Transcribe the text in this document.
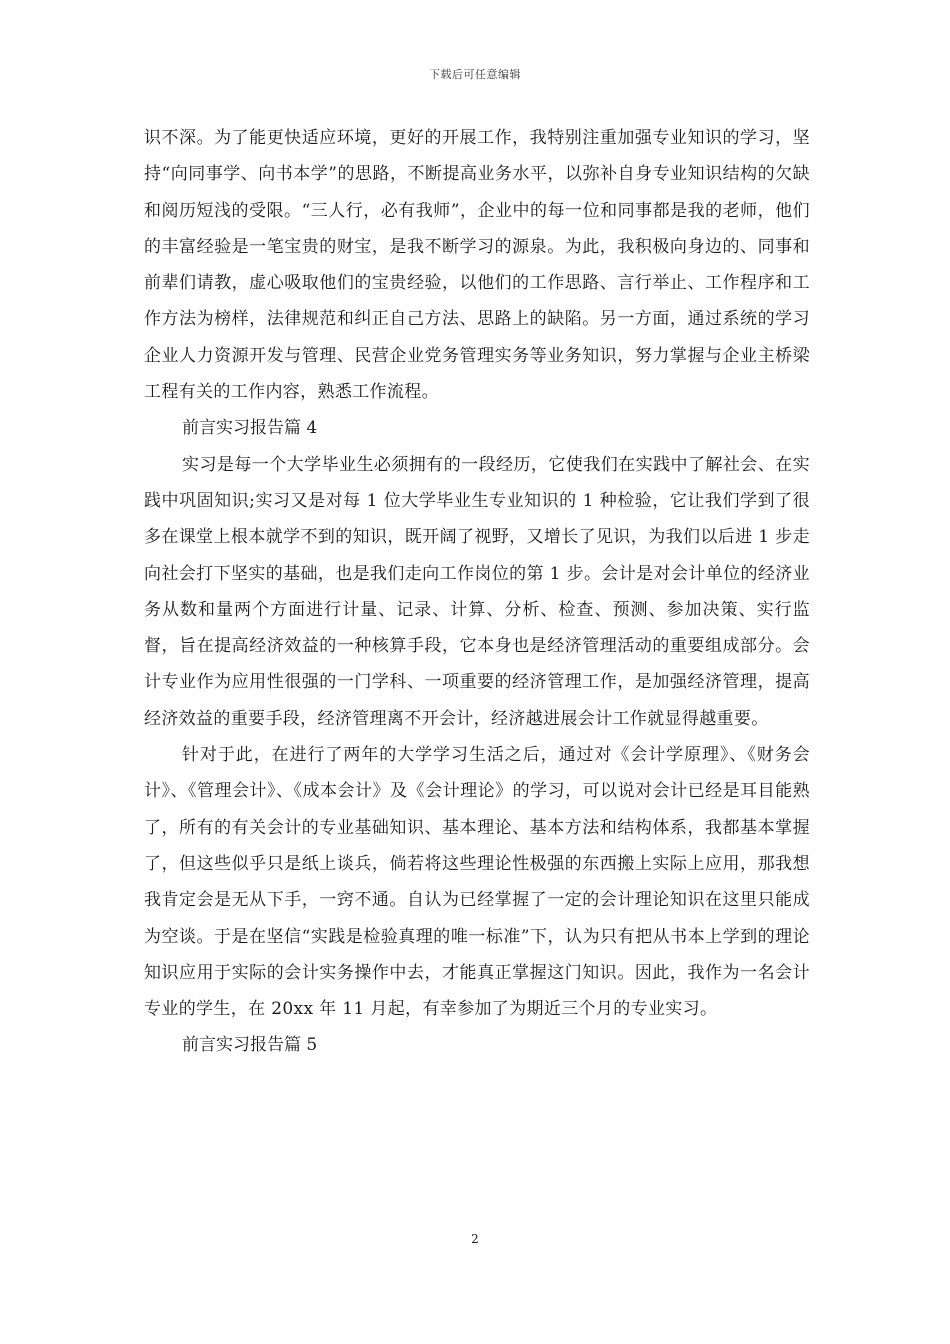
下载后可任意编辑

识不深。为了能更快适应环境，更好的开展工作，我特别注重加强专业知识的学习，坚持“向同事学、向书本学”的思路，不断提高业务水平，以弥补自身专业知识结构的欠缺和阅历短浅的受限。“三人行，必有我师”，企业中的每一位和同事都是我的老师，他们的丰富经验是一笔宝贵的财宝，是我不断学习的源泉。为此，我积极向身边的、同事和前辈们请教，虚心吸取他们的宝贵经验，以他们的工作思路、言行举止、工作程序和工作方法为榜样，法律规范和纠正自己方法、思路上的缺陷。另一方面，通过系统的学习企业人力资源开发与管理、民营企业党务管理实务等业务知识，努力掌握与企业主桥梁工程有关的工作内容，熟悉工作流程。

前言实习报告篇 4

实习是每一个大学毕业生必须拥有的一段经历，它使我们在实践中了解社会、在实践中巩固知识;实习又是对每 1 位大学毕业生专业知识的 1 种检验，它让我们学到了很多在课堂上根本就学不到的知识，既开阔了视野，又增长了见识，为我们以后进 1 步走向社会打下坚实的基础，也是我们走向工作岗位的第 1 步。会计是对会计单位的经济业务从数和量两个方面进行计量、记录、计算、分析、检查、预测、参加决策、实行监督，旨在提高经济效益的一种核算手段，它本身也是经济管理活动的重要组成部分。会计专业作为应用性很强的一门学科、一项重要的经济管理工作，是加强经济管理，提高经济效益的重要手段，经济管理离不开会计，经济越进展会计工作就显得越重要。

针对于此，在进行了两年的大学学习生活之后，通过对《会计学原理》、《财务会计》、《管理会计》、《成本会计》及《会计理论》的学习，可以说对会计已经是耳目能熟了，所有的有关会计的专业基础知识、基本理论、基本方法和结构体系，我都基本掌握了，但这些似乎只是纸上谈兵，倘若将这些理论性极强的东西搬上实际上应用，那我想我肯定会是无从下手，一窍不通。自认为已经掌握了一定的会计理论知识在这里只能成为空谈。于是在坚信“实践是检验真理的唯一标准”下，认为只有把从书本上学到的理论知识应用于实际的会计实务操作中去，才能真正掌握这门知识。因此，我作为一名会计专业的学生，在 20xx 年 11 月起，有幸参加了为期近三个月的专业实习。

前言实习报告篇 5

2
